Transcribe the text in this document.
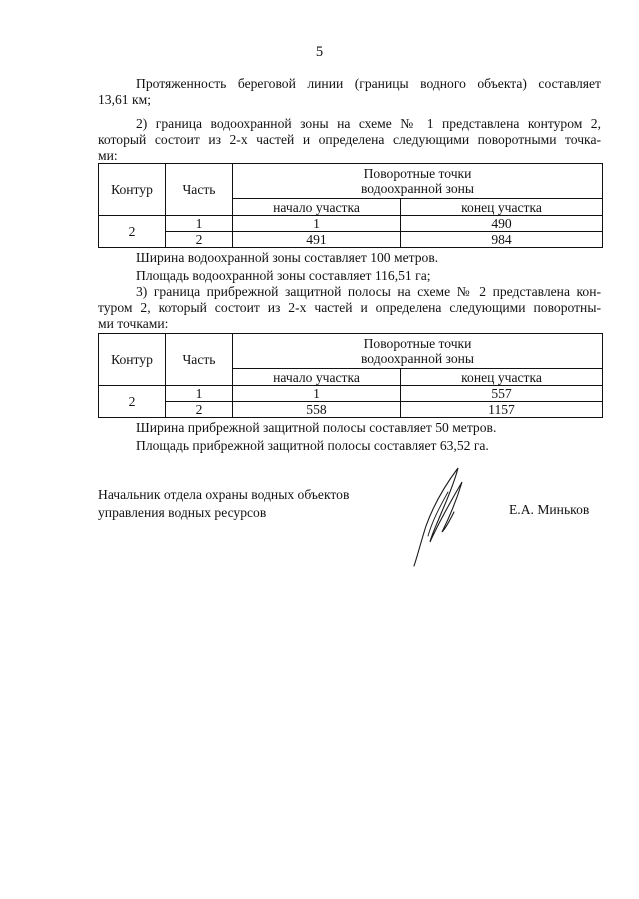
5
Протяженность береговой линии (границы водного объекта) составляет
13,61 км;
2) граница водоохранной зоны на схеме № 1 представлена контуром 2,
который состоит из 2-х частей и определена следующими поворотными точка-
ми:
Контур	Часть	Поворотные точки
водоохранной зоны	

		начало участка	конец участка
2	1	1	490
	2	491	984
Ширина водоохранной зоны составляет 100 метров.
Площадь водоохранной зоны составляет 116,51 га;
3) граница прибрежной защитной полосы на схеме № 2 представлена кон-
туром 2, который состоит из 2-х частей и определена следующими поворотны-
ми точками:
Контур	Часть	Поворотные точки
водоохранной зоны	

		начало участка	конец участка
2	1	1	557
	2	558	1157
Ширина прибрежной защитной полосы составляет 50 метров.
Площадь прибрежной защитной полосы составляет 63,52 га.
Начальник отдела охраны водных объектов
управления водных ресурсов	Е.А. Миньков
